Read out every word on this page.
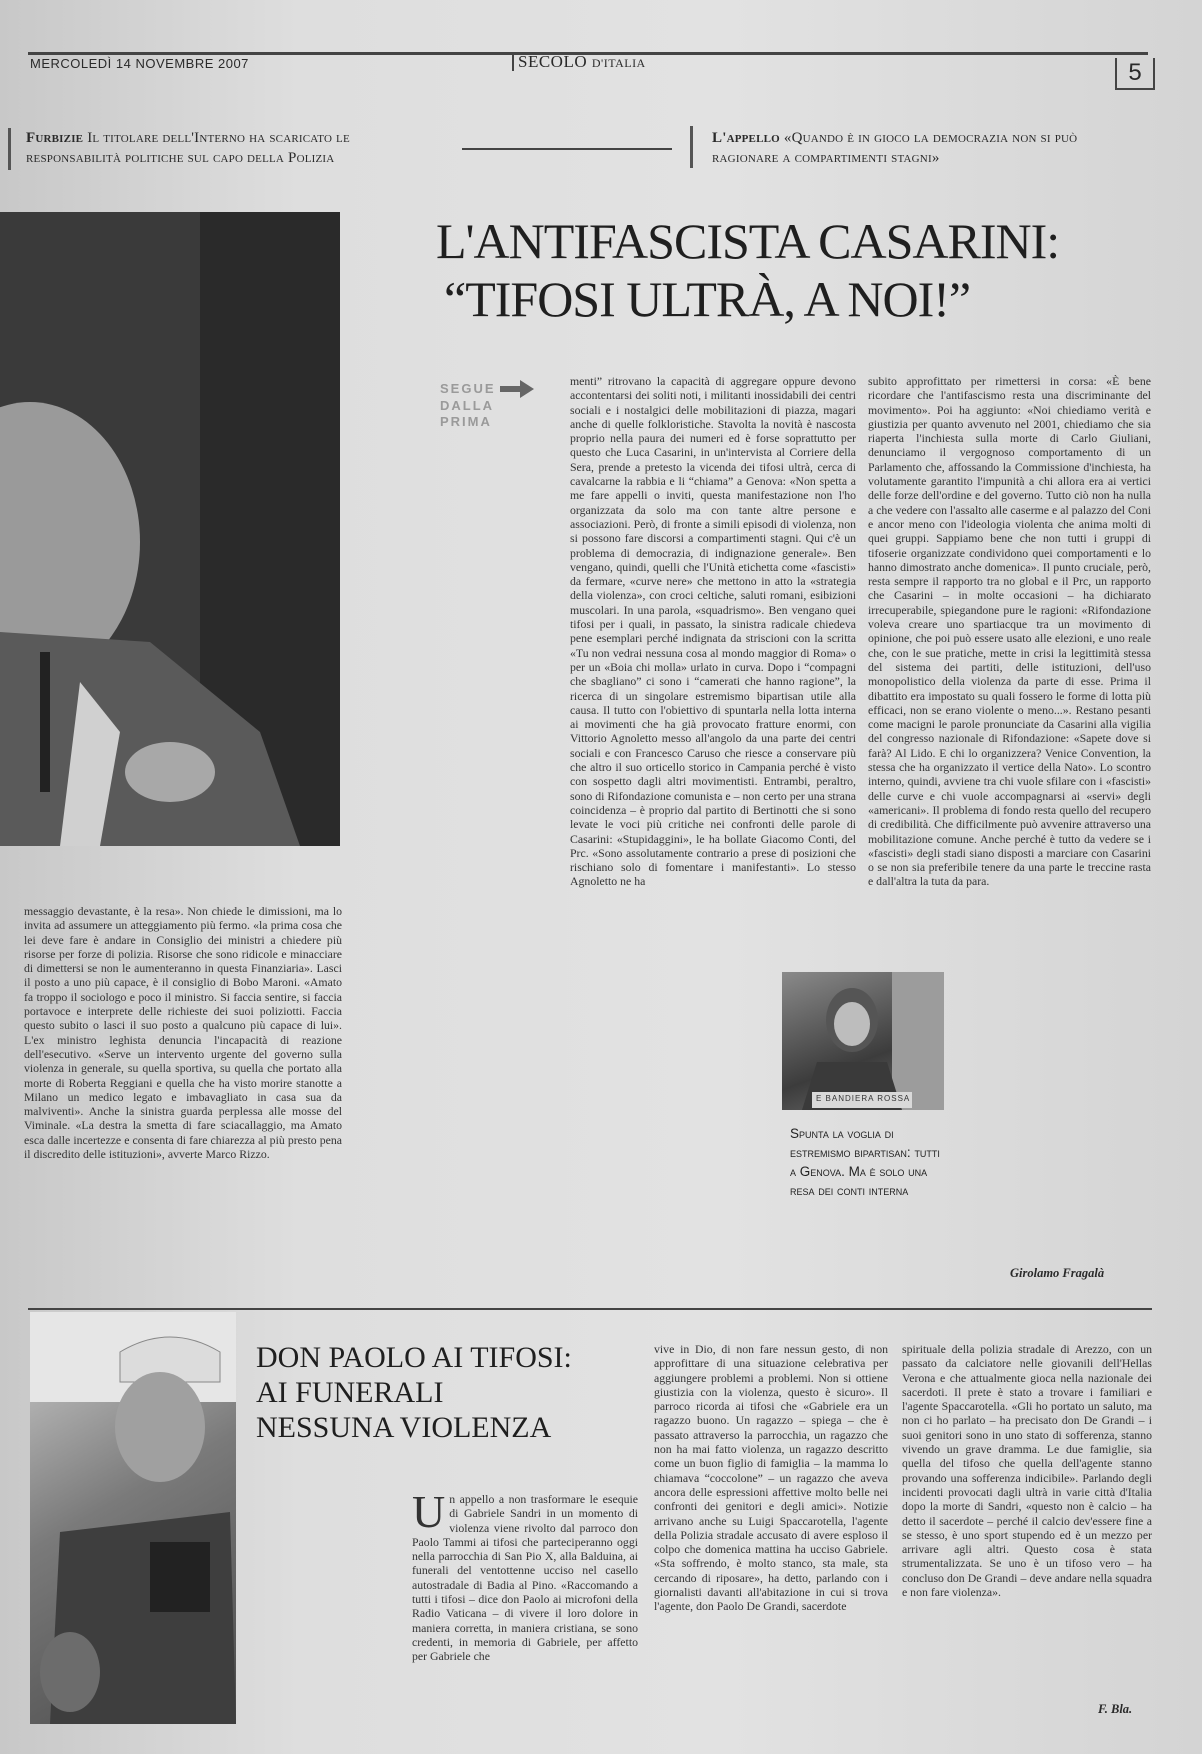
MERCOLEDÌ 14 NOVEMBRE 2007	SECOLO D'ITALIA	5
Furbizie Il titolare dell'Interno ha scaricato le responsabilità politiche sul capo della Polizia
L'appello «Quando è in gioco la democrazia non si può ragionare a compartimenti stagni»
L'ANTIFASCISTA CASARINI:
“TIFOSI ULTRÀ, A NOI!”
SEGUE
DALLA
PRIMA
messaggio devastante, è la resa». Non chiede le dimissioni, ma lo invita ad assumere un atteggiamento più fermo. «la prima cosa che lei deve fare è andare in Consiglio dei ministri a chiedere più risorse per forze di polizia. Risorse che sono ridicole e minacciare di dimettersi se non le aumenteranno in questa Finanziaria». Lasci il posto a uno più capace, è il consiglio di Bobo Maroni. «Amato fa troppo il sociologo e poco il ministro. Si faccia sentire, si faccia portavoce e interprete delle richieste dei suoi poliziotti. Faccia questo subito o lasci il suo posto a qualcuno più capace di lui». L'ex ministro leghista denuncia l'incapacità di reazione dell'esecutivo. «Serve un intervento urgente del governo sulla violenza in generale, su quella sportiva, su quella che portato alla morte di Roberta Reggiani e quella che ha visto morire stanotte a Milano un medico legato e imbavagliato in casa sua da malviventi». Anche la sinistra guarda perplessa alle mosse del Viminale. «La destra la smetta di fare sciacallaggio, ma Amato esca dalle incertezze e consenta di fare chiarezza al più presto pena il discredito delle istituzioni», avverte Marco Rizzo.
menti” ritrovano la capacità di aggregare oppure devono accontentarsi dei soliti noti, i militanti inossidabili dei centri sociali e i nostalgici delle mobilitazioni di piazza, magari anche di quelle folkloristiche. Stavolta la novità è nascosta proprio nella paura dei numeri ed è forse soprattutto per questo che Luca Casarini, in un'intervista al Corriere della Sera, prende a pretesto la vicenda dei tifosi ultrà, cerca di cavalcarne la rabbia e li “chiama” a Genova: «Non spetta a me fare appelli o inviti, questa manifestazione non l'ho organizzata da solo ma con tante altre persone e associazioni. Però, di fronte a simili episodi di violenza, non si possono fare discorsi a compartimenti stagni. Qui c'è un problema di democrazia, di indignazione generale». Ben vengano, quindi, quelli che l'Unità etichetta come «fascisti» da fermare, «curve nere» che mettono in atto la «strategia della violenza», con croci celtiche, saluti romani, esibizioni muscolari. In una parola, «squadrismo». Ben vengano quei tifosi per i quali, in passato, la sinistra radicale chiedeva pene esemplari perché indignata da striscioni con la scritta «Tu non vedrai nessuna cosa al mondo maggior di Roma» o per un «Boia chi molla» urlato in curva. Dopo i “compagni che sbagliano” ci sono i “camerati che hanno ragione”, la ricerca di un singolare estremismo bipartisan utile alla causa. Il tutto con l'obiettivo di spuntarla nella lotta interna ai movimenti che ha già provocato fratture enormi, con Vittorio Agnoletto messo all'angolo da una parte dei centri sociali e con Francesco Caruso che riesce a conservare più che altro il suo orticello storico in Campania perché è visto con sospetto dagli altri movimentisti. Entrambi, peraltro, sono di Rifondazione comunista e – non certo per una strana coincidenza – è proprio dal partito di Bertinotti che si sono levate le voci più critiche nei confronti delle parole di Casarini: «Stupidaggini», le ha bollate Giacomo Conti, del Prc. «Sono assolutamente contrario a prese di posizioni che rischiano solo di fomentare i manifestanti». Lo stesso Agnoletto ne ha
subito approfittato per rimettersi in corsa: «È bene ricordare che l'antifascismo resta una discriminante del movimento». Poi ha aggiunto: «Noi chiediamo verità e giustizia per quanto avvenuto nel 2001, chiediamo che sia riaperta l'inchiesta sulla morte di Carlo Giuliani, denunciamo il vergognoso comportamento di un Parlamento che, affossando la Commissione d'inchiesta, ha volutamente garantito l'impunità a chi allora era ai vertici delle forze dell'ordine e del governo. Tutto ciò non ha nulla a che vedere con l'assalto alle caserme e al palazzo del Coni e ancor meno con l'ideologia violenta che anima molti di quei gruppi. Sappiamo bene che non tutti i gruppi di tifoserie organizzate condividono quei comportamenti e lo hanno dimostrato anche domenica». Il punto cruciale, però, resta sempre il rapporto tra no global e il Prc, un rapporto che Casarini – in molte occasioni – ha dichiarato irrecuperabile, spiegandone pure le ragioni: «Rifondazione voleva creare uno spartiacque tra un movimento di opinione, che poi può essere usato alle elezioni, e uno reale che, con le sue pratiche, mette in crisi la legittimità stessa del sistema dei partiti, delle istituzioni, dell'uso monopolistico della violenza da parte di esse. Prima il dibattito era impostato su quali fossero le forme di lotta più efficaci, non se erano violente o meno...». Restano pesanti come macigni le parole pronunciate da Casarini alla vigilia del congresso nazionale di Rifondazione: «Sapete dove si farà? Al Lido. E chi lo organizzera? Venice Convention, la stessa che ha organizzato il vertice della Nato». Lo scontro interno, quindi, avviene tra chi vuole sfilare con i «fascisti» delle curve e chi vuole accompagnarsi ai «servi» degli «americani». Il problema di fondo resta quello del recupero di credibilità. Che difficilmente può avvenire attraverso una mobilitazione comune. Anche perché è tutto da vedere se i «fascisti» degli stadi siano disposti a marciare con Casarini o se non sia preferibile tenere da una parte le treccine rasta e dall'altra la tuta da para.
E BANDIERA ROSSA
Spunta la voglia di estremismo bipartisan: tutti a Genova. Ma è solo una resa dei conti interna
Girolamo Fragalà
DON PAOLO AI TIFOSI:
AI FUNERALI
NESSUNA VIOLENZA
U n appello a non trasformare le esequie di Gabriele Sandri in un momento di violenza viene rivolto dal parroco don Paolo Tammi ai tifosi che parteciperanno oggi nella parrocchia di San Pio X, alla Balduina, ai funerali del ventottenne ucciso nel casello autostradale di Badia al Pino. «Raccomando a tutti i tifosi – dice don Paolo ai microfoni della Radio Vaticana – di vivere il loro dolore in maniera corretta, in maniera cristiana, se sono credenti, in memoria di Gabriele, per affetto per Gabriele che
vive in Dio, di non fare nessun gesto, di non approfittare di una situazione celebrativa per aggiungere problemi a problemi. Non si ottiene giustizia con la violenza, questo è sicuro». Il parroco ricorda ai tifosi che «Gabriele era un ragazzo buono. Un ragazzo – spiega – che è passato attraverso la parrocchia, un ragazzo che non ha mai fatto violenza, un ragazzo descritto come un buon figlio di famiglia – la mamma lo chiamava “coccolone” – un ragazzo che aveva ancora delle espressioni affettive molto belle nei confronti dei genitori e degli amici». Notizie arrivano anche su Luigi Spaccarotella, l'agente della Polizia stradale accusato di avere esploso il colpo che domenica mattina ha ucciso Gabriele. «Sta soffrendo, è molto stanco, sta male, sta cercando di riposare», ha detto, parlando con i giornalisti davanti all'abitazione in cui si trova l'agente, don Paolo De Grandi, sacerdote
spirituale della polizia stradale di Arezzo, con un passato da calciatore nelle giovanili dell'Hellas Verona e che attualmente gioca nella nazionale dei sacerdoti. Il prete è stato a trovare i familiari e l'agente Spaccarotella. «Gli ho portato un saluto, ma non ci ho parlato – ha precisato don De Grandi – i suoi genitori sono in uno stato di sofferenza, stanno vivendo un grave dramma. Le due famiglie, sia quella del tifoso che quella dell'agente stanno provando una sofferenza indicibile». Parlando degli incidenti provocati dagli ultrà in varie città d'Italia dopo la morte di Sandri, «questo non è calcio – ha detto il sacerdote – perché il calcio dev'essere fine a se stesso, è uno sport stupendo ed è un mezzo per arrivare agli altri. Questo cosa è stata strumentalizzata. Se uno è un tifoso vero – ha concluso don De Grandi – deve andare nella squadra e non fare violenza».
F. Bla.
